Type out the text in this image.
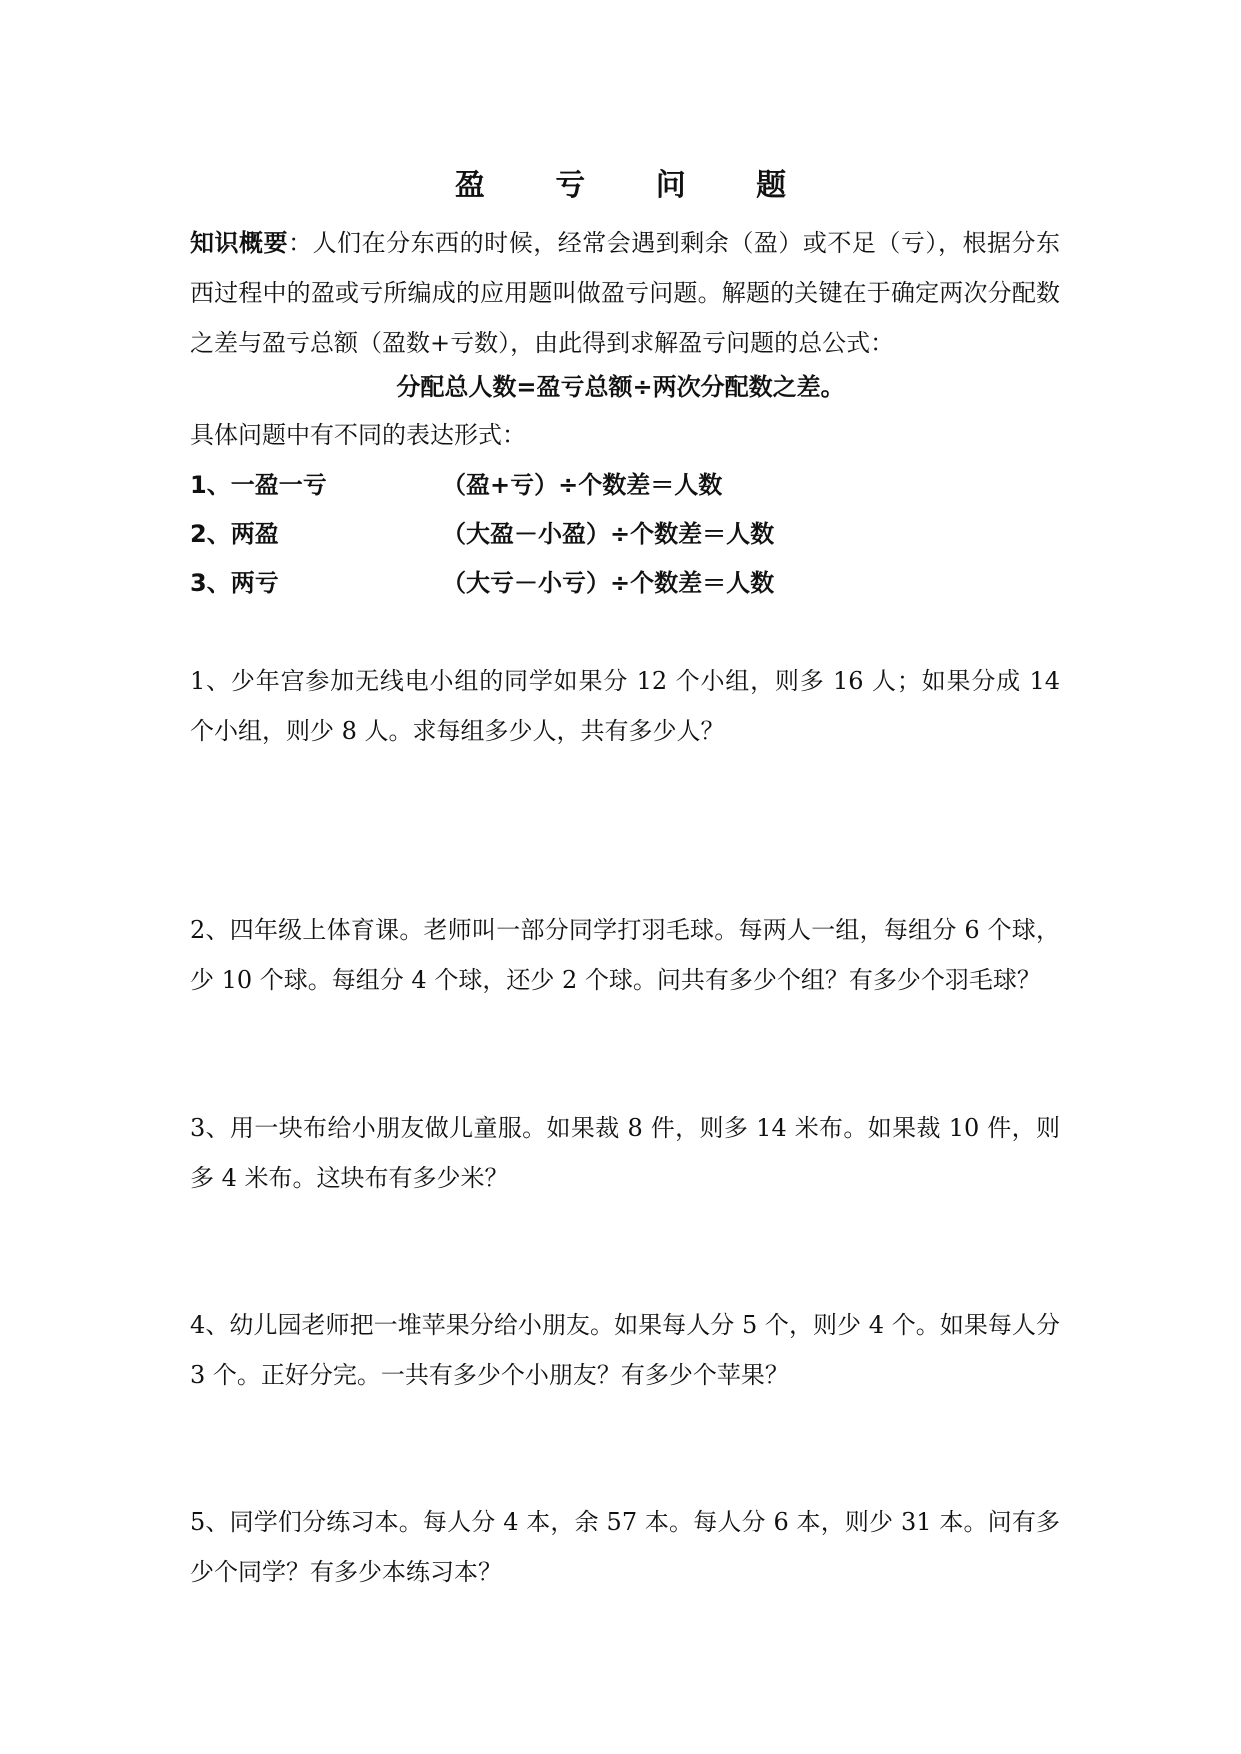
盈 亏 问 题
知识概要：人们在分东西的时候，经常会遇到剩余（盈）或不足（亏），根据分东西过程中的盈或亏所编成的应用题叫做盈亏问题。解题的关键在于确定两次分配数之差与盈亏总额（盈数+亏数），由此得到求解盈亏问题的总公式：
分配总人数=盈亏总额÷两次分配数之差。
具体问题中有不同的表达形式：
1、一盈一亏	（盈+亏）÷个数差＝人数
2、两盈	（大盈－小盈）÷个数差＝人数
3、两亏	（大亏－小亏）÷个数差＝人数
1、少年宫参加无线电小组的同学如果分 12 个小组，则多 16 人；如果分成 14 个小组，则少 8 人。求每组多少人，共有多少人？
2、四年级上体育课。老师叫一部分同学打羽毛球。每两人一组，每组分 6 个球，少 10 个球。每组分 4 个球，还少 2 个球。问共有多少个组？有多少个羽毛球？
3、用一块布给小朋友做儿童服。如果裁 8 件，则多 14 米布。如果裁 10 件，则多 4 米布。这块布有多少米？
4、幼儿园老师把一堆苹果分给小朋友。如果每人分 5 个，则少 4 个。如果每人分 3 个。正好分完。一共有多少个小朋友？有多少个苹果？
5、同学们分练习本。每人分 4 本，余 57 本。每人分 6 本，则少 31 本。问有多少个同学？有多少本练习本？
